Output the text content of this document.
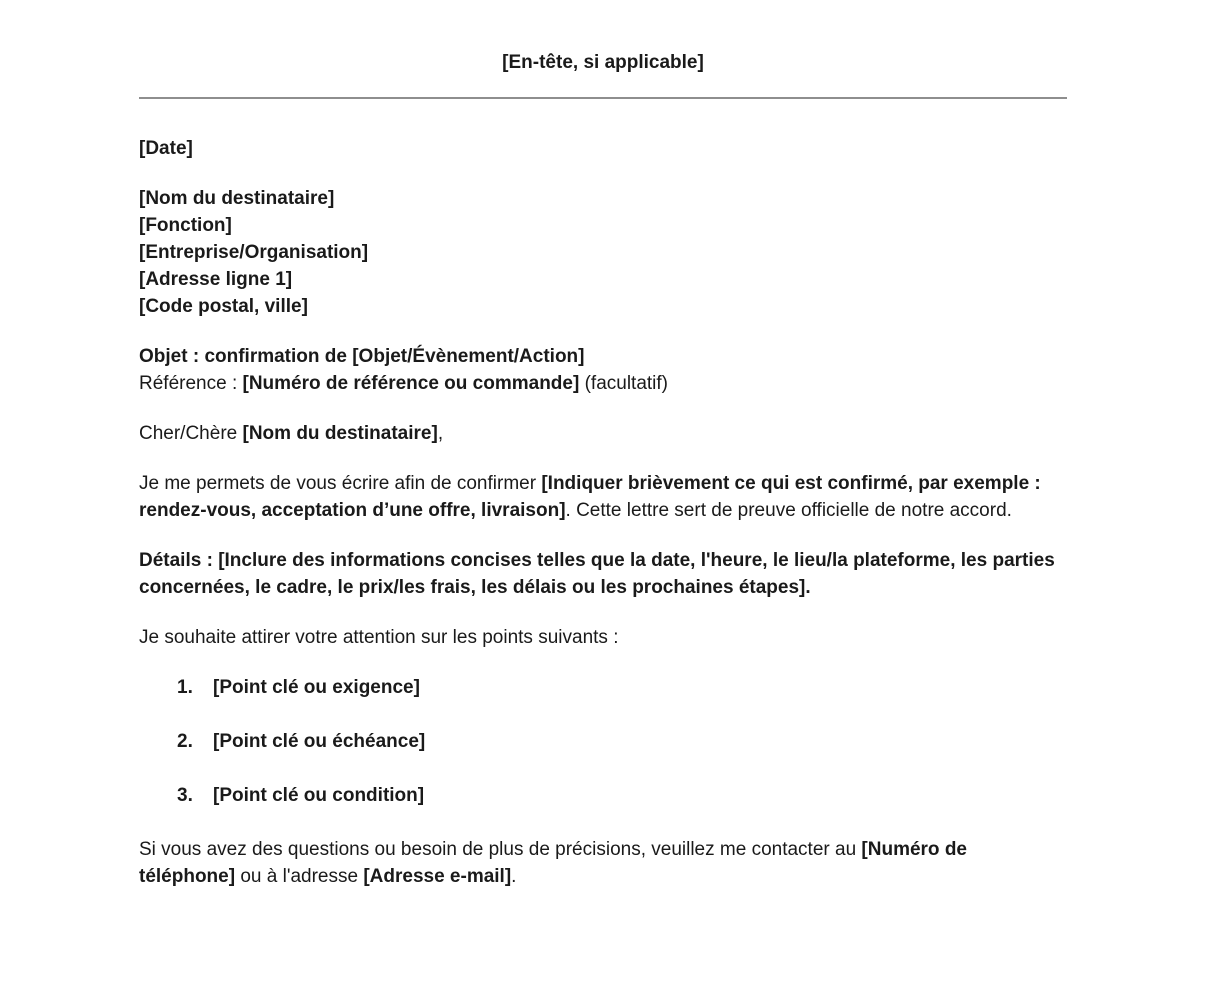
[En-tête, si applicable]

[Date]

[Nom du destinataire]
[Fonction]
[Entreprise/Organisation]
[Adresse ligne 1]
[Code postal, ville]
Objet : confirmation de [Objet/Évènement/Action]
Référence : [Numéro de référence ou commande] (facultatif)

Cher/Chère [Nom du destinataire],

Je me permets de vous écrire afin de confirmer [Indiquer brièvement ce qui est confirmé, par exemple : rendez-vous, acceptation d’une offre, livraison]. Cette lettre sert de preuve officielle de notre accord.

Détails : [Inclure des informations concises telles que la date, l'heure, le lieu/la plateforme, les parties concernées, le cadre, le prix/les frais, les délais ou les prochaines étapes].

Je souhaite attirer votre attention sur les points suivants :

1. [Point clé ou exigence]
2. [Point clé ou échéance]
3. [Point clé ou condition]

Si vous avez des questions ou besoin de plus de précisions, veuillez me contacter au [Numéro de téléphone] ou à l'adresse [Adresse e-mail].
